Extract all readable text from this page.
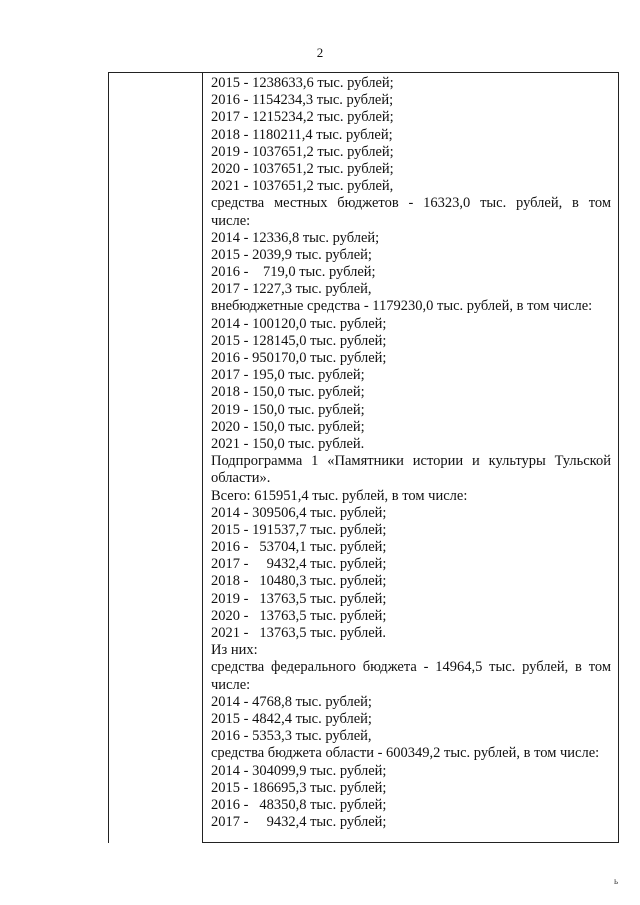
2
2015 - 1238633,6 тыс. рублей;
2016 - 1154234,3 тыс. рублей;
2017 - 1215234,2 тыс. рублей;
2018 - 1180211,4 тыс. рублей;
2019 - 1037651,2 тыс. рублей;
2020 - 1037651,2 тыс. рублей;
2021 - 1037651,2 тыс. рублей,
средства местных бюджетов - 16323,0 тыс. рублей, в том
числе:
2014 - 12336,8 тыс. рублей;
2015 - 2039,9 тыс. рублей;
2016 -    719,0 тыс. рублей;
2017 - 1227,3 тыс. рублей,
внебюджетные средства - 1179230,0 тыс. рублей, в том числе:
2014 - 100120,0 тыс. рублей;
2015 - 128145,0 тыс. рублей;
2016 - 950170,0 тыс. рублей;
2017 - 195,0 тыс. рублей;
2018 - 150,0 тыс. рублей;
2019 - 150,0 тыс. рублей;
2020 - 150,0 тыс. рублей;
2021 - 150,0 тыс. рублей.
Подпрограмма 1 «Памятники истории и культуры Тульской
области».
Всего: 615951,4 тыс. рублей, в том числе:
2014 - 309506,4 тыс. рублей;
2015 - 191537,7 тыс. рублей;
2016 -   53704,1 тыс. рублей;
2017 -     9432,4 тыс. рублей;
2018 -   10480,3 тыс. рублей;
2019 -   13763,5 тыс. рублей;
2020 -   13763,5 тыс. рублей;
2021 -   13763,5 тыс. рублей.
Из них:
средства федерального бюджета - 14964,5 тыс. рублей, в том
числе:
2014 - 4768,8 тыс. рублей;
2015 - 4842,4 тыс. рублей;
2016 - 5353,3 тыс. рублей,
средства бюджета области - 600349,2 тыс. рублей, в том числе:
2014 - 304099,9 тыс. рублей;
2015 - 186695,3 тыс. рублей;
2016 -   48350,8 тыс. рублей;
2017 -     9432,4 тыс. рублей;
ь
